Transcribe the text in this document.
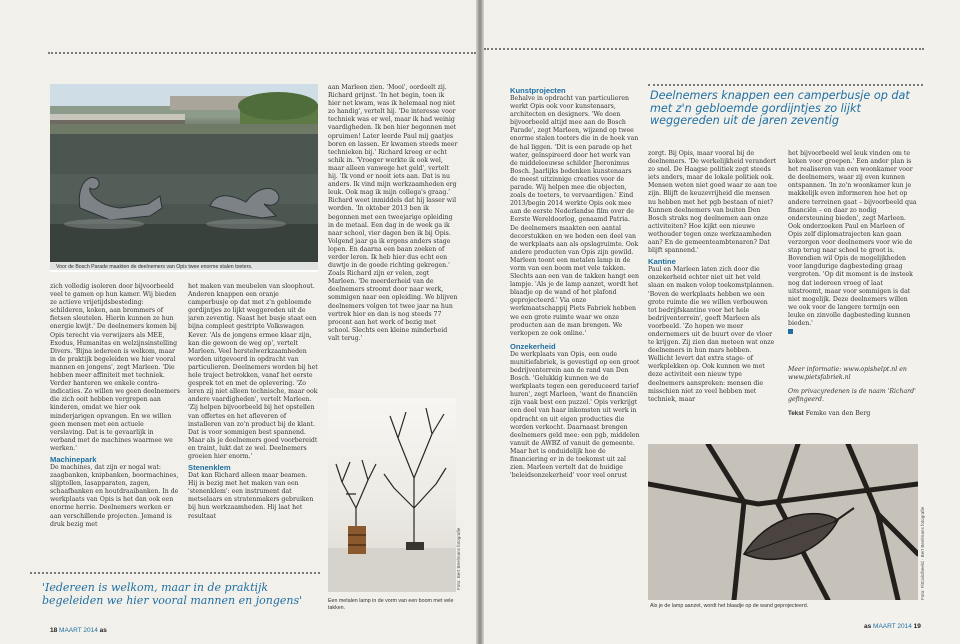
Voor de Bosch Parade maakten de deelnemers van Opis twee enorme stalen toeters.

zich volledig isoleren door bijvoorbeeld veel te gamen op hun kamer. Wij bieden ze actieve vrijetijdsbesteding: schilderen, koken, aan brommers of fietsen sleutelen. Hierin kunnen ze hun energie kwijt.' De deelnemers komen bij Opis terecht via verwijzers als MEE, Exodus, Humanitas en welzijnsinstelling Divers. 'Bijna iedereen is welkom, maar in de praktijk begeleiden we hier vooral mannen en jongens', zegt Marleen. 'Die hebben meer affiniteit met techniek. Verder hanteren we enkele contra-indicaties. Zo willen we geen deelnemers die zich ooit hebben vergrepen aan kinderen, omdat we hier ook minderjarigen opvangen. En we willen geen mensen met een actuele verslaving. Dat is te gevaarlijk in verband met de machines waarmee we werken.'

Machinepark

De machines, dat zijn er nogal wat: zaagbanken, knipbanken, boormachines, slijptollen, lasapparaten, zagen, schaafbanken en houtdraaibanken. In de werkplaats van Opis is het dan ook een enorme herrie. Deelnemers werken er aan verschillende projecten. Jemand is druk bezig met

het maken van meubelen van sloophout. Anderen knappen een oranje camperbusje op dat met z'n gebloemde gordijntjes zo lijkt weggereden uit de jaren zeventig. Naast het busje staat een bijna compleet gestripte Volkswagen Kever. 'Als de jongens ermee klaar zijn, kan die gewoon de weg op', vertelt Marleen. Veel herstelwerkzaamheden worden uitgevoerd in opdracht van particulieren. Deelnemers worden bij het hele traject betrokken, vanaf het eerste gesprek tot en met de oplevering. 'Zo leren zij niet alleen technische, maar ook andere vaardigheden', vertelt Marleen. 'Zij helpen bijvoorbeeld bij het opstellen van offertes en het afleveren of installeren van zo'n product bij de klant. Dat is voor sommigen best spannend. Maar als je deelnemers goed voorbereidt en traint, lukt dat ze wel. Deelnemers groeien hier enorm.'

Stenenklem

Dat kan Richard alleen maar beamen. Hij is bezig met het maken van een 'stenenklem': een instrument dat metselaars en stratenmakers gebruiken bij hun werkzaamheden. Hij laat het resultaat

aan Marleen zien. 'Mooi', oordeelt zij. Richard grijnst. 'In het begin, toen ik hier net kwam, was ik helemaal nog niet zo handig', vertelt hij. 'De interesse voor techniek was er wel, maar ik had weinig vaardigheden. Ik ben hier begonnen met opruimen! Later leerde Paul mij gaatjes boren en lassen. Er kwamen steeds meer technieken bij.' Richard kreeg er echt schik in. 'Vroeger werkte ik ook wel, maar alleen vanwege het geld', vertelt hij. 'Ik vond er nooit iets aan. Dat is nu anders. Ik vind mijn werkzaamheden erg leuk. Ook mag ik mijn collega's graag.' Richard weet inmiddels dat hij lasser wil worden. 'In oktober 2013 ben ik begonnen met een tweejarige opleiding in de metaal. Een dag in de week ga ik naar school, vier dagen ben ik bij Opis. Volgend jaar ga ik ergens anders stage lopen. En daarna een baan zoeken of verder leren. Ik heb hier dus echt een duwtje in de goede richting gekregen.' Zoals Richard zijn er velen, zegt Marleen. 'De meerderheid van de deelnemers stroomt door naar werk, sommigen naar een opleiding. We blijven deelnemers volgen tot twee jaar na hun vertrek hier en dan is nog steeds 77 procent aan het werk of bezig met school. Slechts een kleine minderheid valt terug.'

Foto: Bert Beelmans fotografie
Een metalen lamp in de vorm van een boom met vele takken.
'Iedereen is welkom, maar in de praktijk begeleiden we hier vooral mannen en jongens'
18 MAART 2014 as
Kunstprojecten

Behalve in opdracht van particulieren werkt Opis ook voor kunstenaars, architecten en designers. 'We doen bijvoorbeeld altijd mee aan de Bosch Parade', zegt Marleen, wijzend op twee enorme stalen toeters die in de hoek van de hal liggen. 'Dit is een parade op het water, geïnspireerd door het werk van de middeleeuwse schilder Jheronimus Bosch. Jaarlijks bedenken kunstenaars de meest uitzinnige creaties voor de parade. Wij helpen mee die objecten, zoals de toeters, te vervaardigen.' Eind 2013/begin 2014 werkte Opis ook mee aan de eerste Nederlandse film over de Eerste Wereldoorlog, genaamd Patria. De deelnemers maakten een aantal decorstukken en we boden een deel van de werkplaats aan als opslagruimte. Ook andere producten van Opis zijn gewild. Marleen toont een metalen lamp in de vorm van een boom met vele takken. Slechts aan een van de takken hangt een lampje. 'Als je de lamp aanzet, wordt het blaadje op de wand of het plafond geprojecteerd.' Via onze werkmaatschappij Piets Fabriek hebben we een grote ruimte waar we onze producten aan de man brengen. We verkopen ze ook online.'

Onzekerheid

De werkplaats van Opis, een oude munitiefabriek, is gevestigd op een groot bedrijventerrein aan de rand van Den Bosch. 'Gelukkig kunnen we de werkplaats tegen een gereduceerd tarief huren', zegt Marleen, 'want de financiën zijn vaak best een puzzel.' Opis verkrijgt een deel van haar inkomsten uit werk in opdracht en uit eigen producties die worden verkocht. Daarnaast brengen deelnemers geld mee: een pgb, middelen vanuit de AWBZ of vanuit de gemeente. Maar het is onduidelijk hoe de financiering er in de toekomst uit zal zien. Marleen vertelt dat de huidige 'beleidsonzekerheid' voor veel onrust

Deelnemers knappen een camperbusje op dat met z'n gebloemde gordijntjes zo lijkt weggereden uit de jaren zeventig

zorgt. Bij Opis, maar vooral bij de deelnemers. 'De werkelijkheid verandert zo snel. De Haagse politiek zegt steeds iets anders, maar de lokale politiek ook. Mensen weten niet goed waar ze aan toe zijn. Blijft de keuzevrijheid die mensen nu hebben met het pgb bestaan of niet? Kunnen deelnemers van buiten Den Bosch straks nog deelnemen aan onze activiteiten? Hoe kijkt een nieuwe wethouder tegen onze werkzaamheden aan? En de gemeenteambtenaren? Dat blijft spannend.'

Kantine

Paul en Marleen laten zich door die onzekerheid echter niet uit het veld slaan en maken volop toekomstplannen. 'Boven de werkplaats hebben we een grote ruimte die we willen verbouwen tot bedrijfskantine voor het hele bedrijventerrein', geeft Marleen als voorbeeld. 'Zo hopen we meer ondernemers uit de buurt over de vloer te krijgen. Zij zien dan meteen wat onze deelnemers in hun mars hebben. Wellicht levert dat extra stage- of werkplekken op. Ook kunnen we met deze activiteit een nieuw type deelnemers aanspreken: mensen die misschien niet zo veel hebben met techniek, maar

het bijvoorbeeld wel leuk vinden om te koken voor groepen.' Een ander plan is het realiseren van een woonkamer voor de deelnemers, waar zij even kunnen ontspannen. 'In zo'n woonkamer kun je makkelijk even informeren hoe het op andere terreinen gaat – bijvoorbeeld qua financiën – en daar zo nodig ondersteuning bieden', zegt Marleen. Ook onderzoeken Paul en Marleen of Opis zelf diplomatrajecten kan gaan verzorgen voor deelnemers voor wie de stap terug naar school te groot is. Bovendien wil Opis de mogelijkheden voor langdurige dagbesteding graag vergroten. 'Op dit moment is de insteek nog dat iedereen vroeg of laat uitstroomt, maar voor sommigen is dat niet mogelijk. Deze deelnemers willen we ook voor de langere termijn een leuke en zinvolle dagbesteding kunnen bieden.'

Meer informatie: www.opishelpt.nl en www.pietsfabriek.nl

Om privacyredenen is de naam 'Richard' gefingeerd.

Tekst Femke van den Berg

Foto: FitCalc/beeld · Bert Beelmans fotografie
Als je de lamp aanzet, wordt het blaadje op de wand geprojecteerd.
as MAART 2014 19
